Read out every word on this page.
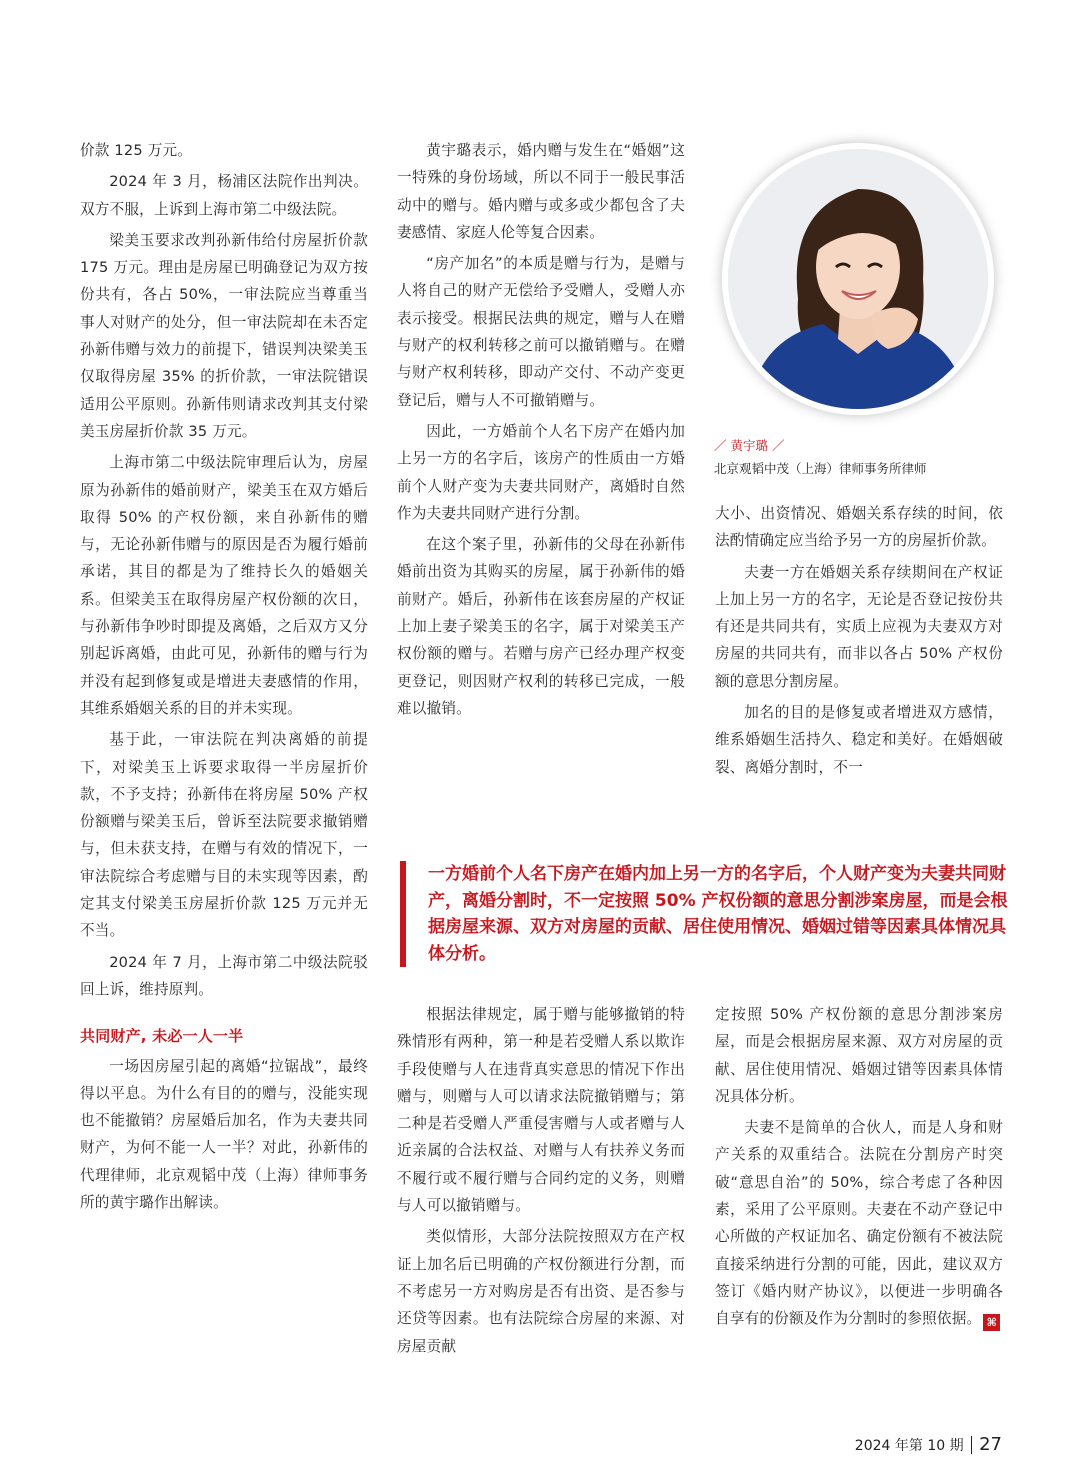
价款 125 万元。

2024 年 3 月，杨浦区法院作出判决。双方不服，上诉到上海市第二中级法院。

梁美玉要求改判孙新伟给付房屋折价款 175 万元。理由是房屋已明确登记为双方按份共有，各占 50%，一审法院应当尊重当事人对财产的处分，但一审法院却在未否定孙新伟赠与效力的前提下，错误判决梁美玉仅取得房屋 35% 的折价款，一审法院错误适用公平原则。孙新伟则请求改判其支付梁美玉房屋折价款 35 万元。

上海市第二中级法院审理后认为，房屋原为孙新伟的婚前财产，梁美玉在双方婚后取得 50% 的产权份额，来自孙新伟的赠与，无论孙新伟赠与的原因是否为履行婚前承诺，其目的都是为了维持长久的婚姻关系。但梁美玉在取得房屋产权份额的次日，与孙新伟争吵时即提及离婚，之后双方又分别起诉离婚，由此可见，孙新伟的赠与行为并没有起到修复或是增进夫妻感情的作用，其维系婚姻关系的目的并未实现。

基于此，一审法院在判决离婚的前提下，对梁美玉上诉要求取得一半房屋折价款，不予支持；孙新伟在将房屋 50% 产权份额赠与梁美玉后，曾诉至法院要求撤销赠与，但未获支持，在赠与有效的情况下，一审法院综合考虑赠与目的未实现等因素，酌定其支付梁美玉房屋折价款 125 万元并无不当。

2024 年 7 月，上海市第二中级法院驳回上诉，维持原判。

共同财产, 未必一人一半

一场因房屋引起的离婚“拉锯战”，最终得以平息。为什么有目的的赠与，没能实现也不能撤销？房屋婚后加名，作为夫妻共同财产，为何不能一人一半？对此，孙新伟的代理律师，北京观韬中茂（上海）律师事务所的黄宇璐作出解读。

黄宇璐表示，婚内赠与发生在“婚姻”这一特殊的身份场域，所以不同于一般民事活动中的赠与。婚内赠与或多或少都包含了夫妻感情、家庭人伦等复合因素。

“房产加名”的本质是赠与行为，是赠与人将自己的财产无偿给予受赠人，受赠人亦表示接受。根据民法典的规定，赠与人在赠与财产的权利转移之前可以撤销赠与。在赠与财产权利转移，即动产交付、不动产变更登记后，赠与人不可撤销赠与。

因此，一方婚前个人名下房产在婚内加上另一方的名字后，该房产的性质由一方婚前个人财产变为夫妻共同财产，离婚时自然作为夫妻共同财产进行分割。

在这个案子里，孙新伟的父母在孙新伟婚前出资为其购买的房屋，属于孙新伟的婚前财产。婚后，孙新伟在该套房屋的产权证上加上妻子梁美玉的名字，属于对梁美玉产权份额的赠与。若赠与房产已经办理产权变更登记，则因财产权利的转移已完成，一般难以撤销。

／ 黄宇璐 ／
北京观韬中茂（上海）律师事务所律师

大小、出资情况、婚姻关系存续的时间，依法酌情确定应当给予另一方的房屋折价款。

夫妻一方在婚姻关系存续期间在产权证上加上另一方的名字，无论是否登记按份共有还是共同共有，实质上应视为夫妻双方对房屋的共同共有，而非以各占 50% 产权份额的意思分割房屋。

加名的目的是修复或者增进双方感情，维系婚姻生活持久、稳定和美好。在婚姻破裂、离婚分割时，不一

一方婚前个人名下房产在婚内加上另一方的名字后，个人财产变为夫妻共同财产，离婚分割时，不一定按照 50% 产权份额的意思分割涉案房屋，而是会根据房屋来源、双方对房屋的贡献、居住使用情况、婚姻过错等因素具体情况具体分析。

根据法律规定，属于赠与能够撤销的特殊情形有两种，第一种是若受赠人系以欺诈手段使赠与人在违背真实意思的情况下作出赠与，则赠与人可以请求法院撤销赠与；第二种是若受赠人严重侵害赠与人或者赠与人近亲属的合法权益、对赠与人有扶养义务而不履行或不履行赠与合同约定的义务，则赠与人可以撤销赠与。

类似情形，大部分法院按照双方在产权证上加名后已明确的产权份额进行分割，而不考虑另一方对购房是否有出资、是否参与还贷等因素。也有法院综合房屋的来源、对房屋贡献

定按照 50% 产权份额的意思分割涉案房屋，而是会根据房屋来源、双方对房屋的贡献、居住使用情况、婚姻过错等因素具体情况具体分析。

夫妻不是简单的合伙人，而是人身和财产关系的双重结合。法院在分割房产时突破“意思自治”的 50%，综合考虑了各种因素，采用了公平原则。夫妻在不动产登记中心所做的产权证加名、确定份额有不被法院直接采纳进行分割的可能，因此，建议双方签订《婚内财产协议》，以便进一步明确各自享有的份额及作为分割时的参照依据。 ⌘

2024 年第 10 期 27
